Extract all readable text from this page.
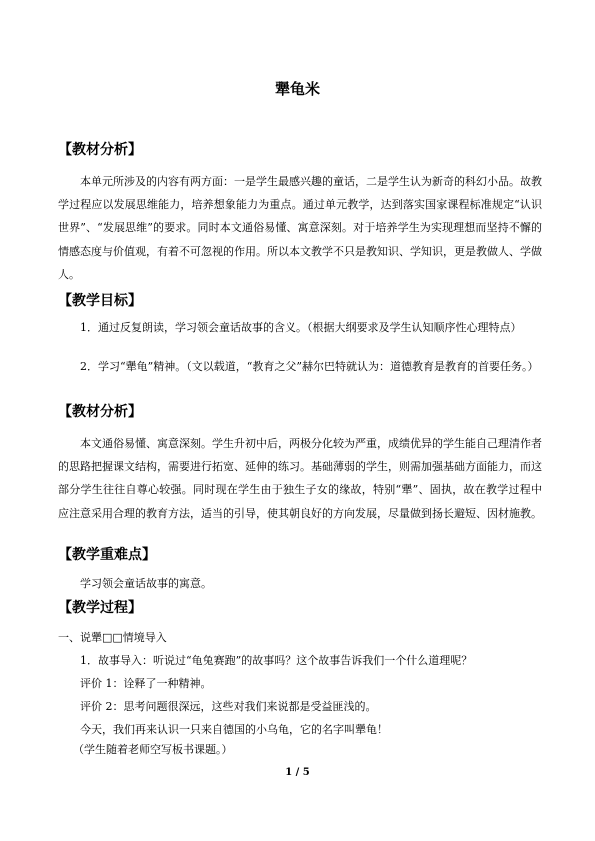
犟龟米
【教材分析】
本单元所涉及的内容有两方面：一是学生最感兴趣的童话，二是学生认为新奇的科幻小品。故教学过程应以发展思维能力，培养想象能力为重点。通过单元教学，达到落实国家课程标准规定“认识世界”、“发展思维”的要求。同时本文通俗易懂、寓意深刻。对于培养学生为实现理想而坚持不懈的情感态度与价值观，有着不可忽视的作用。所以本文教学不只是教知识、学知识，更是教做人、学做人。
【教学目标】
1．通过反复朗读，学习领会童话故事的含义。（根据大纲要求及学生认知顺序性心理特点）
2．学习“犟龟”精神。（文以载道，“教育之父”赫尔巴特就认为：道德教育是教育的首要任务。）
【教材分析】
本文通俗易懂、寓意深刻。学生升初中后，两极分化较为严重，成绩优异的学生能自己理清作者的思路把握课文结构，需要进行拓宽、延伸的练习。基础薄弱的学生，则需加强基础方面能力，而这部分学生往往自尊心较强。同时现在学生由于独生子女的缘故，特别“犟”、固执，故在教学过程中应注意采用合理的教育方法，适当的引导，使其朝良好的方向发展，尽量做到扬长避短、因材施教。
【教学重难点】
学习领会童话故事的寓意。
【教学过程】
一、说犟□□情境导入
1．故事导入：听说过“龟兔赛跑”的故事吗？这个故事告诉我们一个什么道理呢？
评价 1：诠释了一种精神。
评价 2：思考问题很深远，这些对我们来说都是受益匪浅的。
今天，我们再来认识一只来自德国的小乌龟，它的名字叫犟龟！
（学生随着老师空写板书课题。）
1 / 5
